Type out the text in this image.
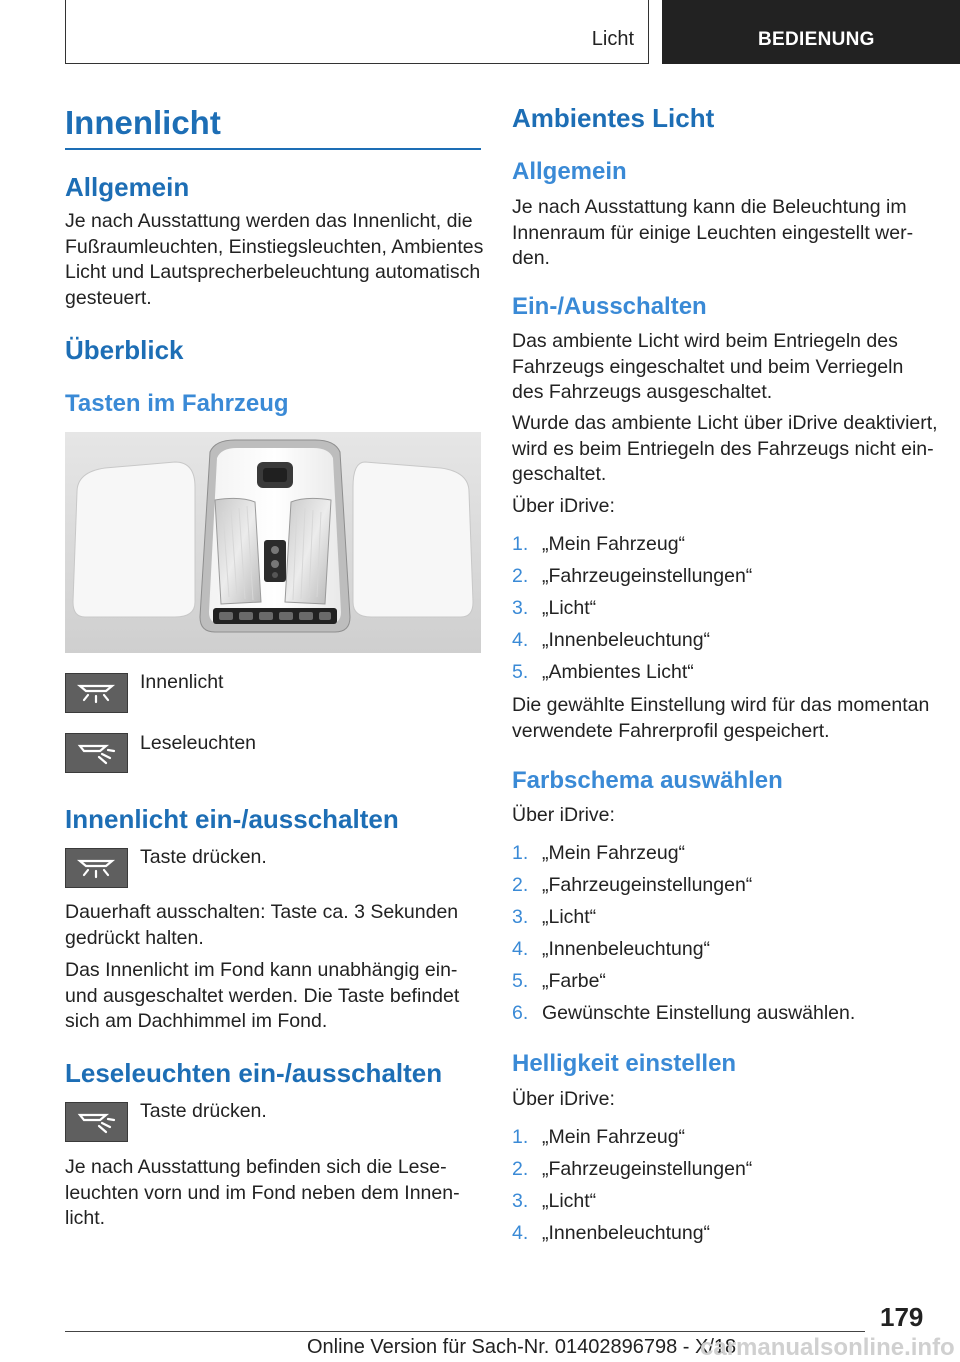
Licht	BEDIENUNG
Innenlicht
Allgemein
Je nach Ausstattung werden das Innenlicht, die
Fußraumleuchten, Einstiegsleuchten, Ambientes
Licht und Lautsprecherbeleuchtung automatisch
gesteuert.
Überblick
Tasten im Fahrzeug
Innenlicht
Leseleuchten
Innenlicht ein-/ausschalten
Taste drücken.
Dauerhaft ausschalten: Taste ca. 3 Sekunden
gedrückt halten.
Das Innenlicht im Fond kann unabhängig ein-
und ausgeschaltet werden. Die Taste befindet
sich am Dachhimmel im Fond.
Leseleuchten ein-/ausschalten
Taste drücken.
Je nach Ausstattung befinden sich die Lese-
leuchten vorn und im Fond neben dem Innen-
licht.
Ambientes Licht
Allgemein
Je nach Ausstattung kann die Beleuchtung im
Innenraum für einige Leuchten eingestellt wer-
den.
Ein-/Ausschalten
Das ambiente Licht wird beim Entriegeln des
Fahrzeugs eingeschaltet und beim Verriegeln
des Fahrzeugs ausgeschaltet.
Wurde das ambiente Licht über iDrive deaktiviert,
wird es beim Entriegeln des Fahrzeugs nicht ein-
geschaltet.
Über iDrive:
1. „Mein Fahrzeug“
2. „Fahrzeugeinstellungen“
3. „Licht“
4. „Innenbeleuchtung“
5. „Ambientes Licht“
Die gewählte Einstellung wird für das momentan
verwendete Fahrerprofil gespeichert.
Farbschema auswählen
Über iDrive:
1. „Mein Fahrzeug“
2. „Fahrzeugeinstellungen“
3. „Licht“
4. „Innenbeleuchtung“
5. „Farbe“
6. Gewünschte Einstellung auswählen.
Helligkeit einstellen
Über iDrive:
1. „Mein Fahrzeug“
2. „Fahrzeugeinstellungen“
3. „Licht“
4. „Innenbeleuchtung“
179
Online Version für Sach-Nr. 01402896798 - X/18
carmanualsonline.info
